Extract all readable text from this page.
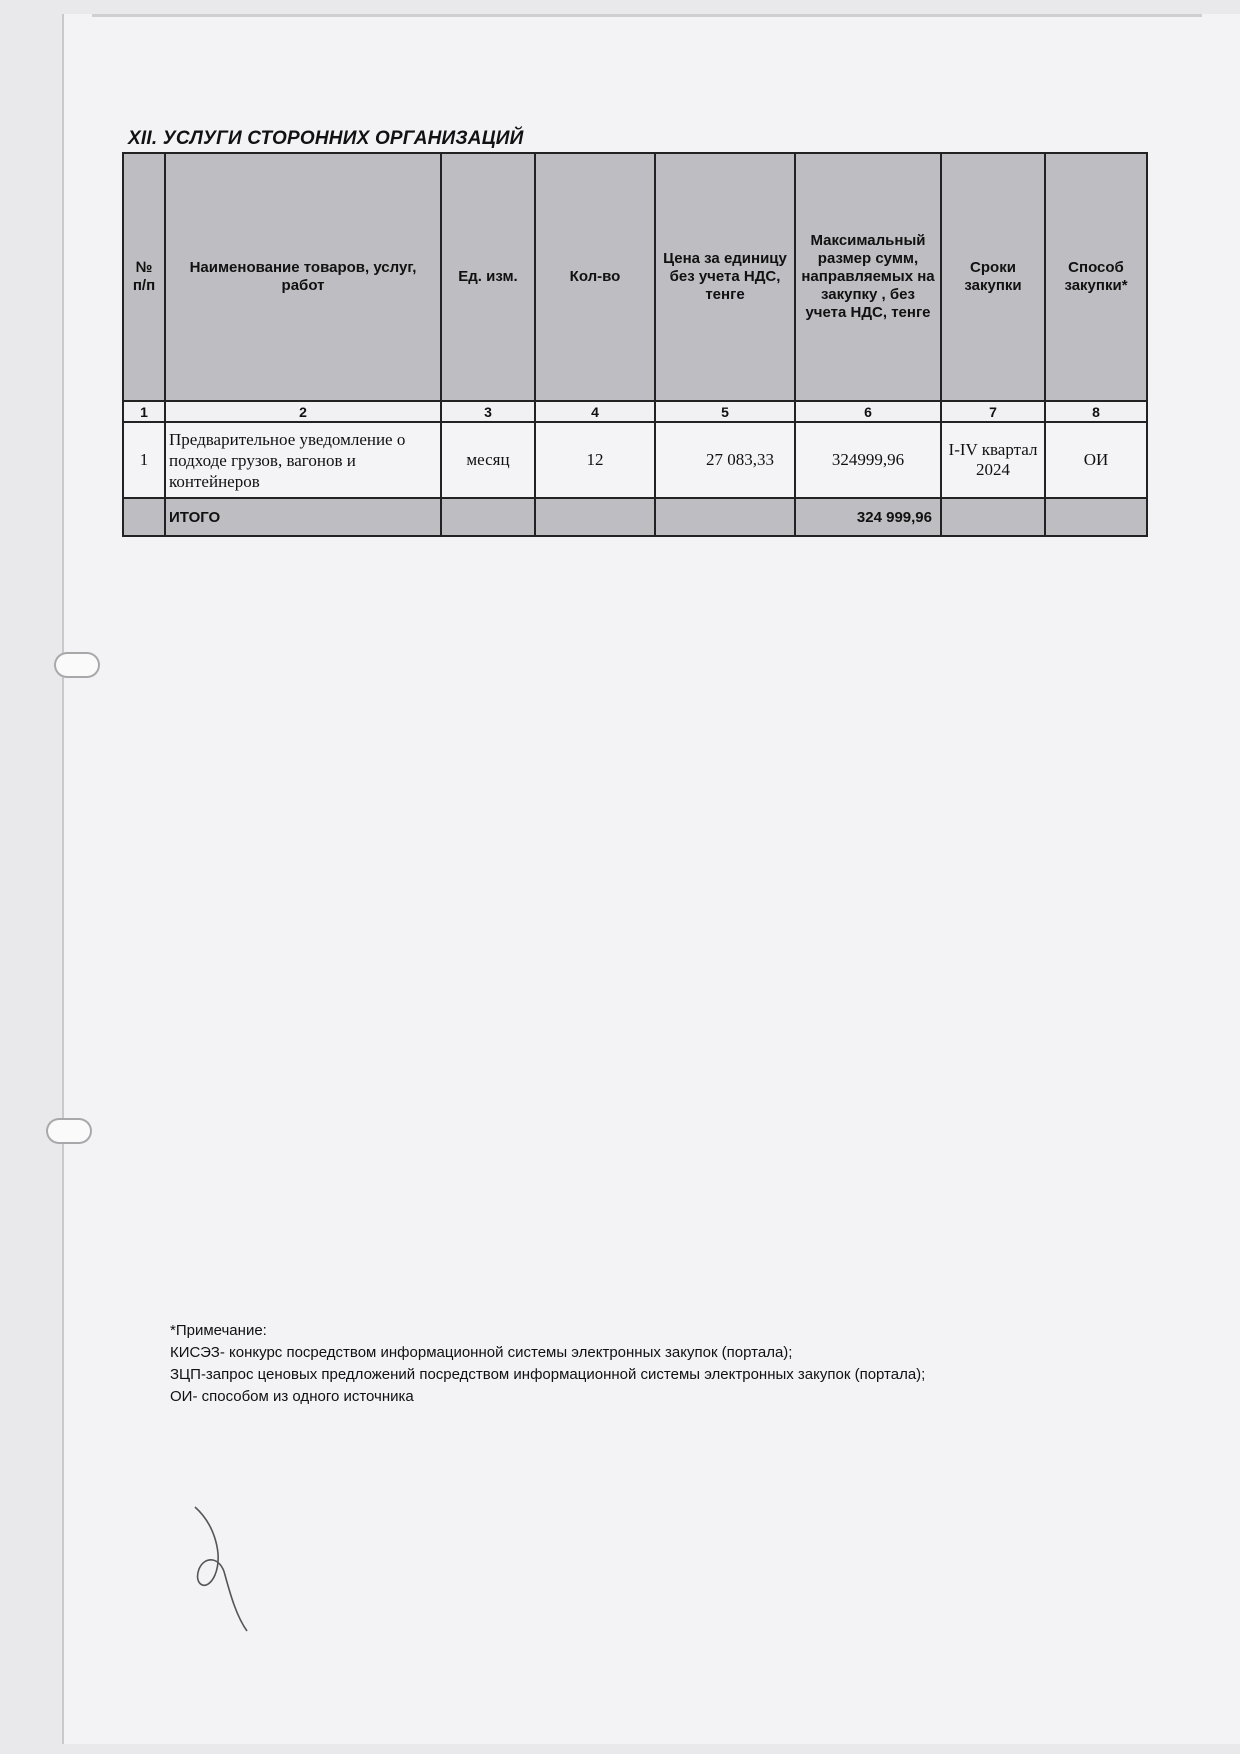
XII. УСЛУГИ СТОРОННИХ ОРГАНИЗАЦИЙ
№ п/п	Наименование товаров, услуг, работ	Ед. изм.	Кол-во	Цена за единицу без учета НДС, тенге	Максимальный размер сумм, направляемых на закупку , без учета НДС, тенге	Сроки закупки	Способ закупки*
1	2	3	4	5	6	7	8
1	Предварительное уведомление о подходе грузов, вагонов и контейнеров	месяц	12	27 083,33	324999,96	I-IV квартал 2024	ОИ
	ИТОГО				324 999,96		
*Примечание:
КИСЭЗ- конкурс посредством информационной системы электронных закупок (портала);
ЗЦП-запрос ценовых предложений посредством информационной системы электронных закупок (портала);
ОИ- способом из одного источника
